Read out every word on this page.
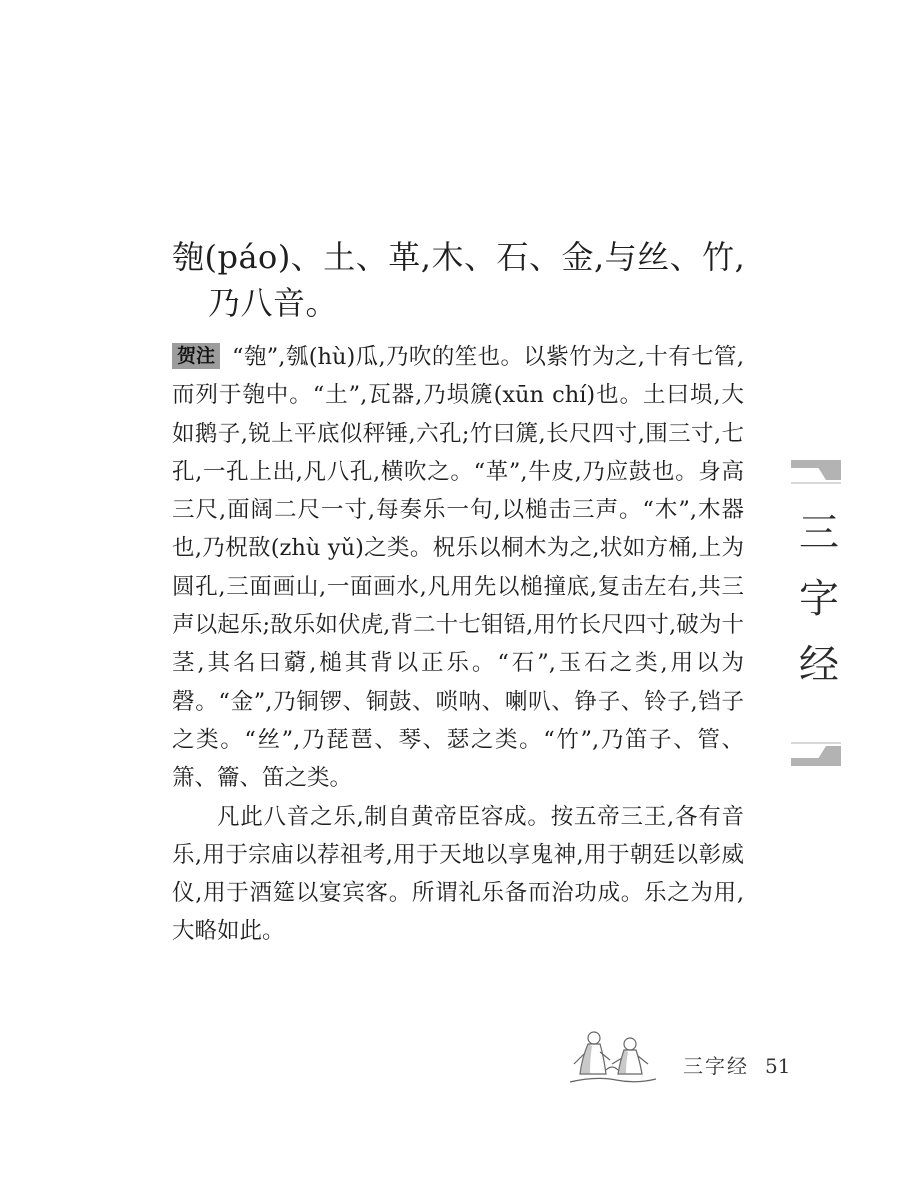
匏(páo)、土、革,木、石、金,与丝、竹,
乃八音。

贺注 “匏”,瓠(hù)瓜,乃吹的笙也。以紫竹为之,十有七管,而列于匏中。“土”,瓦器,乃埙篪(xūn chí)也。土曰埙,大如鹅子,锐上平底似秤锤,六孔;竹曰篪,长尺四寸,围三寸,七孔,一孔上出,凡八孔,横吹之。“革”,牛皮,乃应鼓也。身高三尺,面阔二尺一寸,每奏乐一句,以槌击三声。“木”,木器也,乃柷敔(zhù yǔ)之类。柷乐以桐木为之,状如方桶,上为圆孔,三面画山,一面画水,凡用先以槌撞底,复击左右,共三声以起乐;敔乐如伏虎,背二十七钼铻,用竹长尺四寸,破为十茎,其名曰藭,槌其背以正乐。“石”,玉石之类,用以为磬。“金”,乃铜锣、铜鼓、唢呐、喇叭、铮子、铃子,铛子之类。“丝”,乃琵琶、琴、瑟之类。“竹”,乃笛子、管、箫、籥、笛之类。

凡此八音之乐,制自黄帝臣容成。按五帝三王,各有音乐,用于宗庙以荐祖考,用于天地以享鬼神,用于朝廷以彰威仪,用于酒筵以宴宾客。所谓礼乐备而治功成。乐之为用,大略如此。

三字经
三字经 51
